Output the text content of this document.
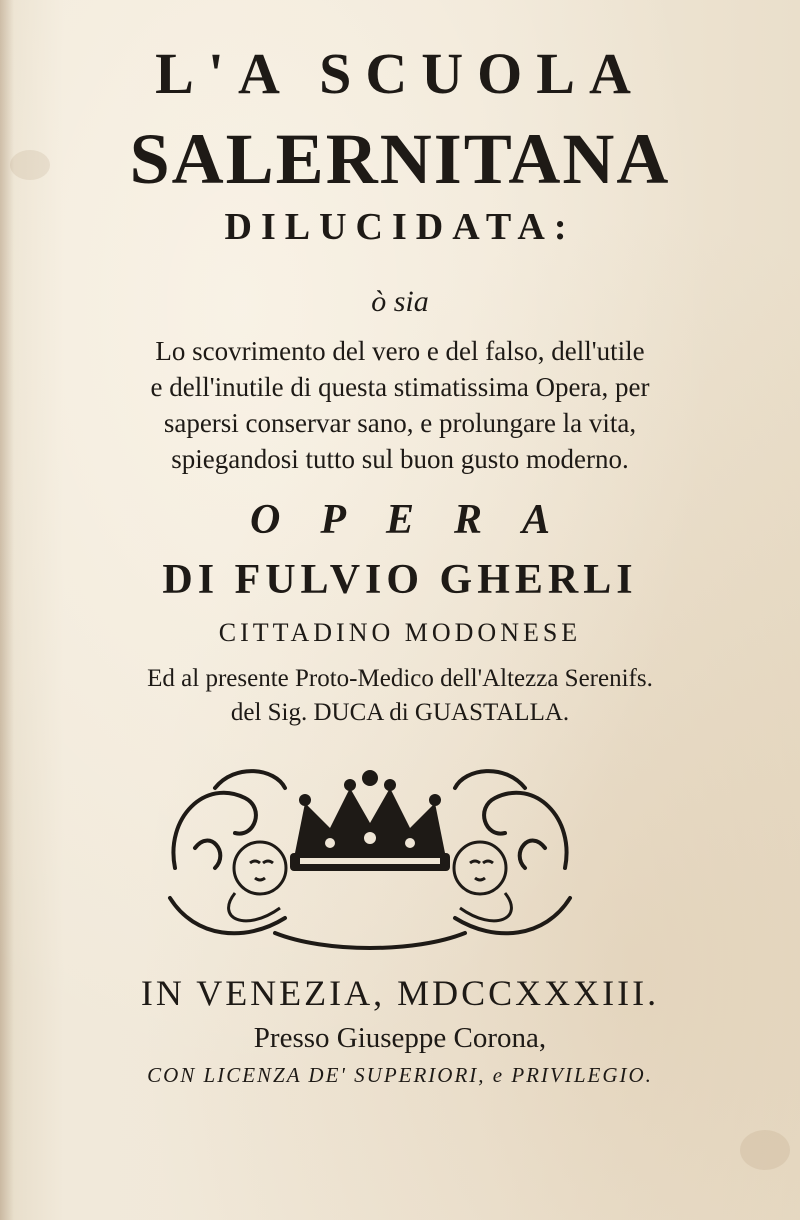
L'A SCUOLA
SALERNITANA
DILUCIDATA:
ò sia
Lo scovrimento del vero e del falso, dell'utile
e dell'inutile di questa stimatissima Opera, per
sapersi conservar sano, e prolungare la vita,
spiegandosi tutto sul buon gusto moderno.
OPERA
DI FULVIO GHERLI
CITTADINO MODONESE
Ed al presente Proto-Medico dell'Altezza Serenifs.
del Sig. DUCA di GUASTALLA.
IN VENEZIA, MDCCXXXIII.
Presso Giuseppe Corona,
CON LICENZA DE' SUPERIORI, e PRIVILEGIO.
